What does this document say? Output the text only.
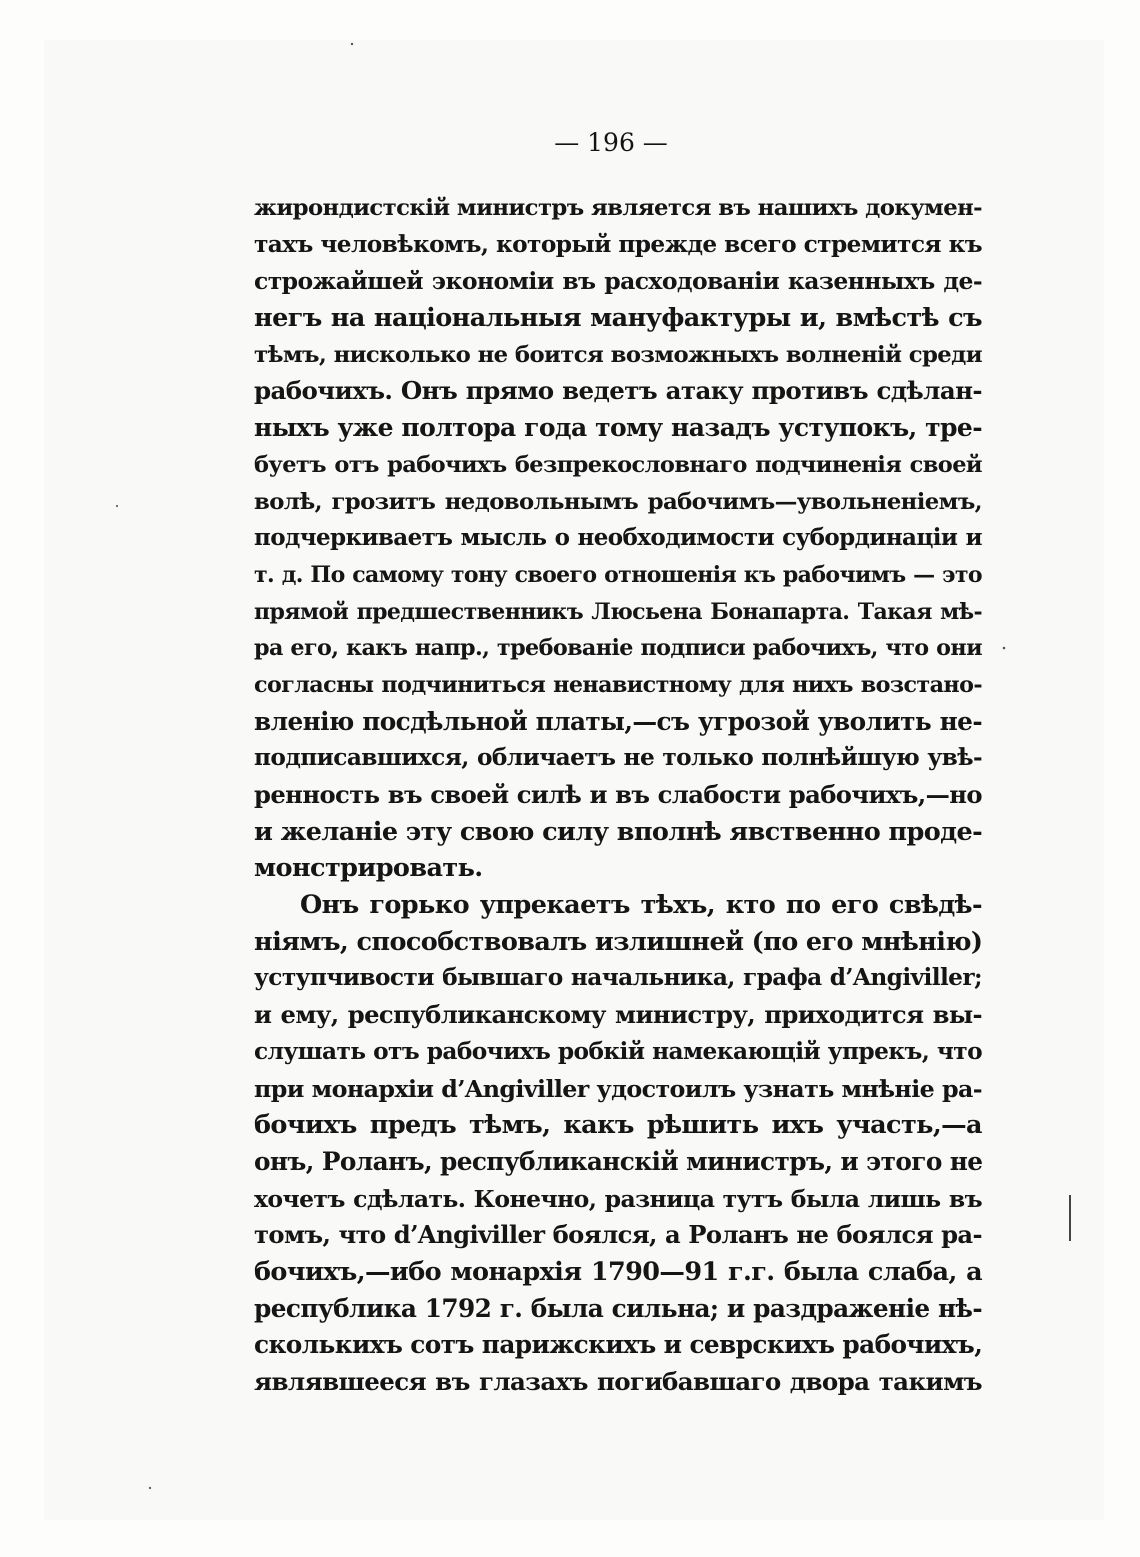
— 196 —
жирондистскій министръ является въ нашихъ докумен-
тахъ человѣкомъ, который прежде всего стремится къ
строжайшей экономіи въ расходованіи казенныхъ де-
негъ на національныя мануфактуры и, вмѣстѣ съ
тѣмъ, нисколько не боится возможныхъ волненій среди
рабочихъ. Онъ прямо ведетъ атаку противъ сдѣлан-
ныхъ уже полтора года тому назадъ уступокъ, тре-
буетъ отъ рабочихъ безпрекословнаго подчиненія своей
волѣ, грозитъ недовольнымъ рабочимъ—увольненіемъ,
подчеркиваетъ мысль о необходимости субординаціи и
т. д. По самому тону своего отношенія къ рабочимъ — это
прямой предшественникъ Люсьена Бонапарта. Такая мѣ-
ра его, какъ напр., требованіе подписи рабочихъ, что они
согласны подчиниться ненавистному для нихъ возстано-
вленію посдѣльной платы,—съ угрозой уволить не-
подписавшихся, обличаетъ не только полнѣйшую увѣ-
ренность въ своей силѣ и въ слабости рабочихъ,—но
и желаніе эту свою силу вполнѣ явственно проде-
монстрировать.
Онъ горько упрекаетъ тѣхъ, кто по его свѣдѣ-
ніямъ, способствовалъ излишней (по его мнѣнію)
уступчивости бывшаго начальника, графа d’Angiviller;
и ему, республиканскому министру, приходится вы-
слушать отъ рабочихъ робкій намекающій упрекъ, что
при монархіи d’Angiviller удостоилъ узнать мнѣніе ра-
бочихъ предъ тѣмъ, какъ рѣшить ихъ участь,—а
онъ, Роланъ, республиканскій министръ, и этого не
хочетъ сдѣлать. Конечно, разница тутъ была лишь въ
томъ, что d’Angiviller боялся, а Роланъ не боялся ра-
бочихъ,—ибо монархія 1790—91 г.г. была слаба, а
республика 1792 г. была сильна; и раздраженіе нѣ-
сколькихъ сотъ парижскихъ и севрскихъ рабочихъ,
являвшееся въ глазахъ погибавшаго двора такимъ
